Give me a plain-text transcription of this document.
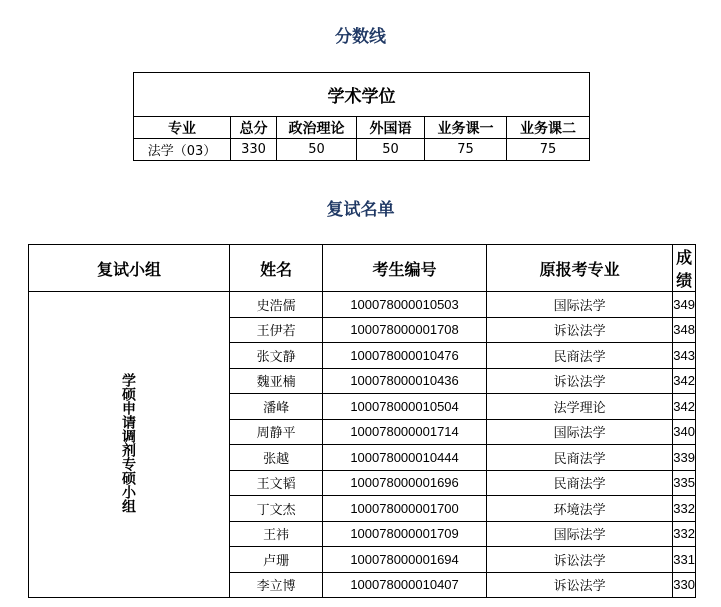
分数线
学术学位					
专业	总分	政治理论	外国语	业务课一	业务课二
法学（03）	330	50	50	75	75
复试名单
复试小组	姓名	考生编号	原报考专业	成绩
学硕申请调剂专硕小组	史浩儒	100078000010503	国际法学	349
	王伊若	100078000001708	诉讼法学	348
	张文静	100078000010476	民商法学	343
	魏亚楠	100078000010436	诉讼法学	342
	潘峰	100078000010504	法学理论	342
	周静平	100078000001714	国际法学	340
	张越	100078000010444	民商法学	339
	王文韬	100078000001696	民商法学	335
	丁文杰	100078000001700	环境法学	332
	王祎	100078000001709	国际法学	332
	卢珊	100078000001694	诉讼法学	331
	李立博	100078000010407	诉讼法学	330
